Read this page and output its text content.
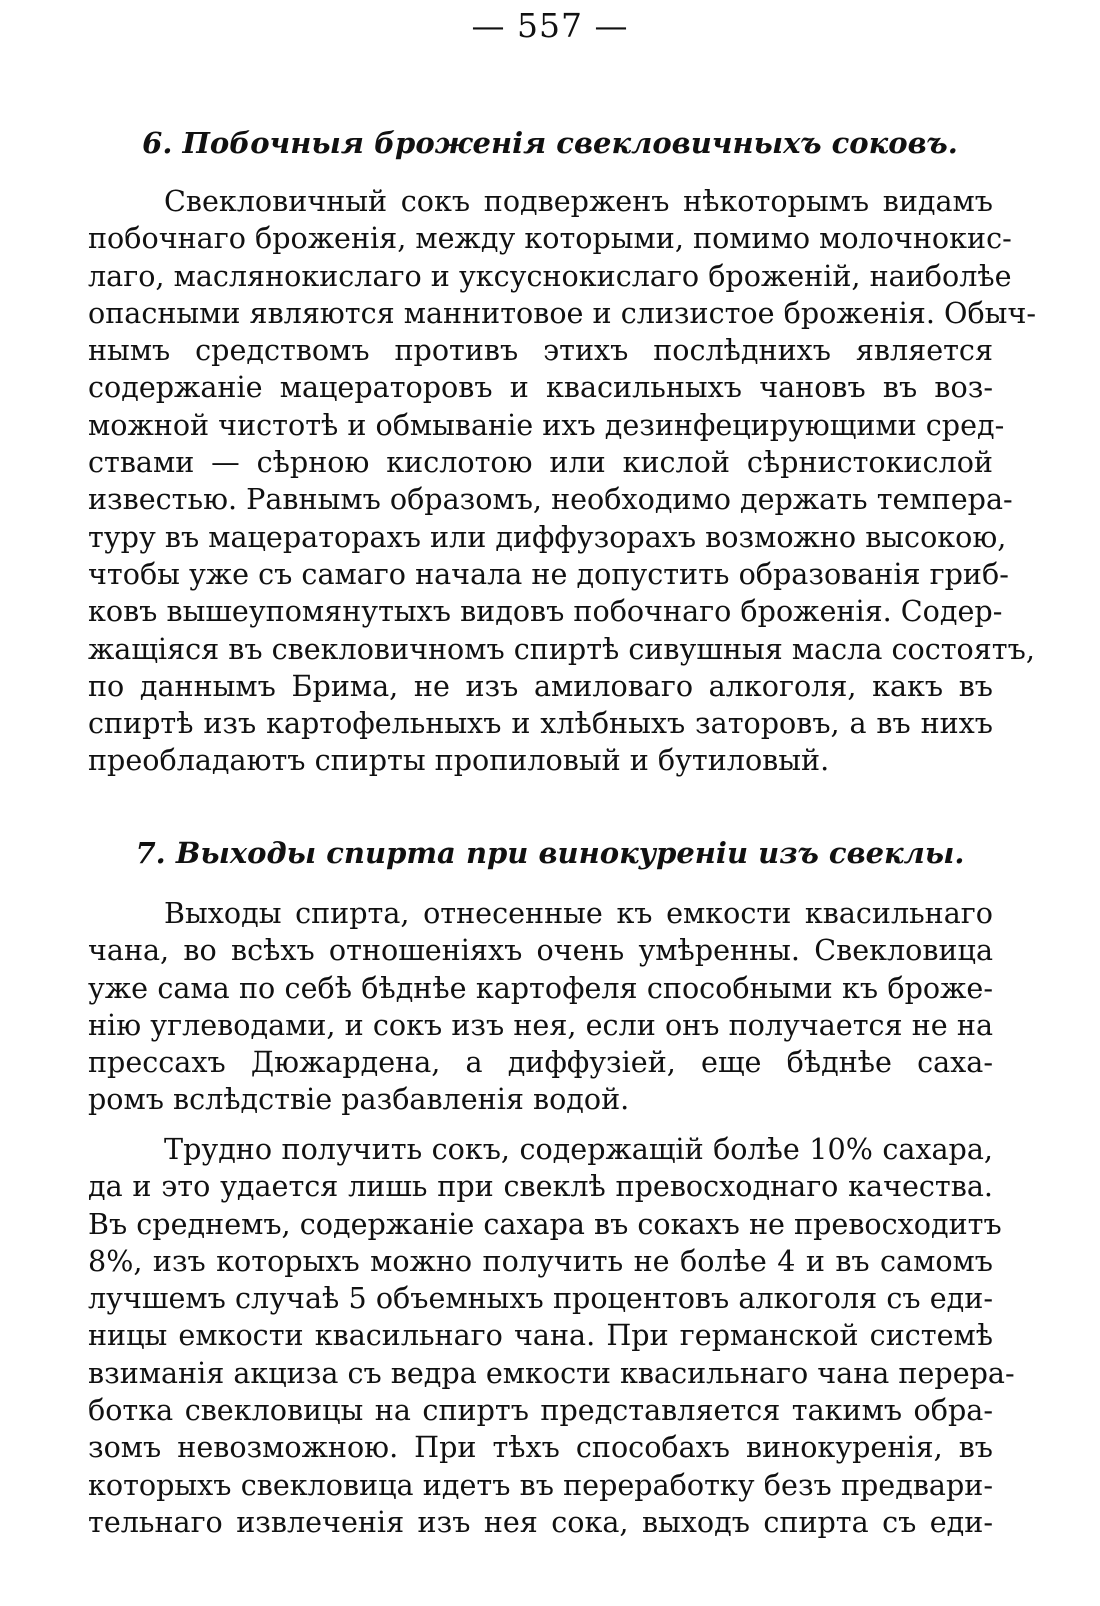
— 557 —
6. Побочныя броженія свекловичныхъ соковъ.
Свекловичный сокъ подверженъ нѣкоторымъ видамъ
побочнаго броженія, между которыми, помимо молочнокис-
лаго, маслянокислаго и уксуснокислаго броженій, наиболѣе
опасными являются маннитовое и слизистое броженія. Обыч-
нымъ средствомъ противъ этихъ послѣднихъ является
содержаніе мацераторовъ и квасильныхъ чановъ въ воз-
можной чистотѣ и обмываніе ихъ дезинфецирующими сред-
ствами — сѣрною кислотою или кислой сѣрнистокислой
известью. Равнымъ образомъ, необходимо держать темпера-
туру въ мацераторахъ или диффузорахъ возможно высокою,
чтобы уже съ самаго начала не допустить образованія гриб-
ковъ вышеупомянутыхъ видовъ побочнаго броженія. Содер-
жащіяся въ свекловичномъ спиртѣ сивушныя масла состоятъ,
по даннымъ Брима, не изъ амиловаго алкоголя, какъ въ
спиртѣ изъ картофельныхъ и хлѣбныхъ заторовъ, а въ нихъ
преобладаютъ спирты пропиловый и бутиловый.
7. Выходы спирта при винокуреніи изъ свеклы.
Выходы спирта, отнесенные къ емкости квасильнаго
чана, во всѣхъ отношеніяхъ очень умѣренны. Свекловица
уже сама по себѣ бѣднѣе картофеля способными къ броже-
нію углеводами, и сокъ изъ нея, если онъ получается не на
прессахъ Дюжардена, а диффузіей, еще бѣднѣе саха-
ромъ вслѣдствіе разбавленія водой.
Трудно получить сокъ, содержащій болѣе 10% сахара,
да и это удается лишь при свеклѣ превосходнаго качества.
Въ среднемъ, содержаніе сахара въ сокахъ не превосходитъ
8%, изъ которыхъ можно получить не болѣе 4 и въ самомъ
лучшемъ случаѣ 5 объемныхъ процентовъ алкоголя съ еди-
ницы емкости квасильнаго чана. При германской системѣ
взиманія акциза съ ведра емкости квасильнаго чана перера-
ботка свекловицы на спиртъ представляется такимъ обра-
зомъ невозможною. При тѣхъ способахъ винокуренія, въ
которыхъ свекловица идетъ въ переработку безъ предвари-
тельнаго извлеченія изъ нея сока, выходъ спирта съ еди-
